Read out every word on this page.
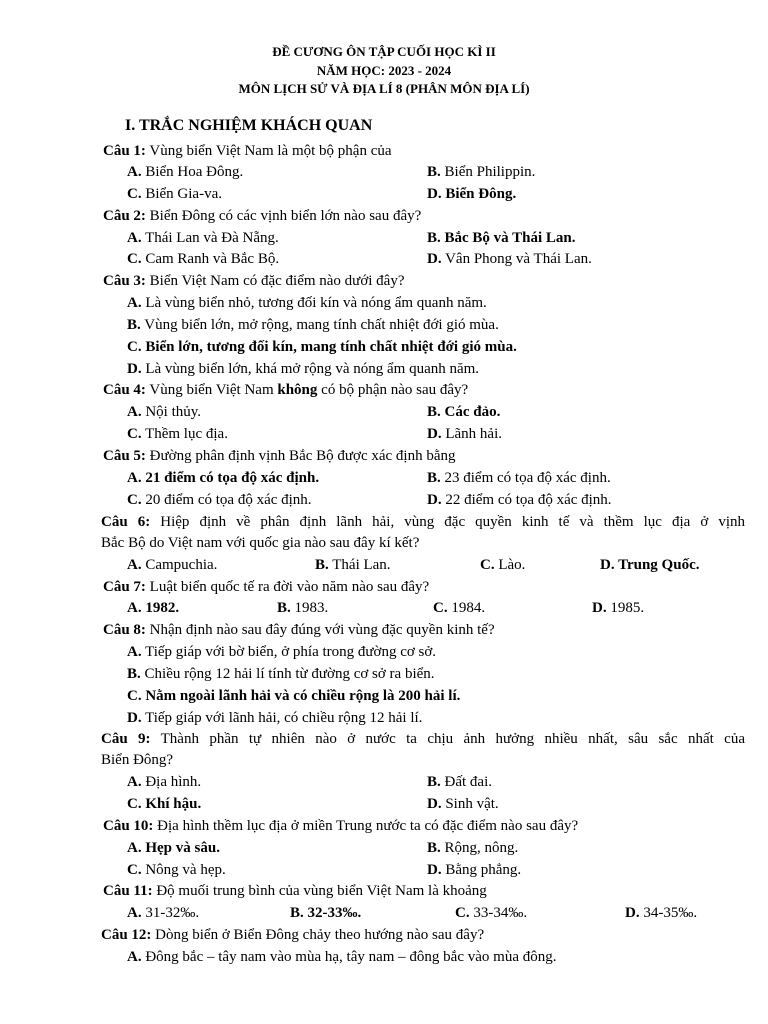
ĐỀ CƯƠNG ÔN TẬP CUỐI HỌC KÌ II
NĂM HỌC: 2023 - 2024
MÔN LỊCH SỬ VÀ ĐỊA LÍ 8 (PHÂN MÔN ĐỊA LÍ)
I. TRẮC NGHIỆM KHÁCH QUAN
Câu 1: Vùng biển Việt Nam là một bộ phận của
A. Biển Hoa Đông.	B. Biển Philippin.
C. Biển Gia-va.	D. Biển Đông.
Câu 2: Biển Đông có các vịnh biển lớn nào sau đây?
A. Thái Lan và Đà Nẵng.	B. Bắc Bộ và Thái Lan.
C. Cam Ranh và Bắc Bộ.	D. Vân Phong và Thái Lan.
Câu 3: Biển Việt Nam có đặc điểm nào dưới đây?
A. Là vùng biển nhỏ, tương đối kín và nóng ẩm quanh năm.
B. Vùng biển lớn, mở rộng, mang tính chất nhiệt đới gió mùa.
C. Biển lớn, tương đối kín, mang tính chất nhiệt đới gió mùa.
D. Là vùng biển lớn, khá mở rộng và nóng ẩm quanh năm.
Câu 4: Vùng biển Việt Nam không có bộ phận nào sau đây?
A. Nội thủy.	B. Các đảo.
C. Thềm lục địa.	D. Lãnh hải.
Câu 5: Đường phân định vịnh Bắc Bộ được xác định bằng
A. 21 điểm có tọa độ xác định.	B. 23 điểm có tọa độ xác định.
C. 20 điểm có tọa độ xác định.	D. 22 điểm có tọa độ xác định.
Câu 6: Hiệp định về phân định lãnh hải, vùng đặc quyền kinh tế và thềm lục địa ở vịnh
Bắc Bộ do Việt nam với quốc gia nào sau đây kí kết?
A. Campuchia.	B. Thái Lan.	C. Lào.	D. Trung Quốc.
Câu 7: Luật biển quốc tế ra đời vào năm nào sau đây?
A. 1982.	B. 1983.	C. 1984.	D. 1985.
Câu 8: Nhận định nào sau đây đúng với vùng đặc quyền kinh tế?
A. Tiếp giáp với bờ biển, ở phía trong đường cơ sở.
B. Chiều rộng 12 hải lí tính từ đường cơ sở ra biển.
C. Nằm ngoài lãnh hải và có chiều rộng là 200 hải lí.
D. Tiếp giáp với lãnh hải, có chiều rộng 12 hải lí.
Câu 9: Thành phần tự nhiên nào ở nước ta chịu ảnh hưởng nhiều nhất, sâu sắc nhất của
Biển Đông?
A. Địa hình.	B. Đất đai.
C. Khí hậu.	D. Sinh vật.
Câu 10: Địa hình thềm lục địa ở miền Trung nước ta có đặc điểm nào sau đây?
A. Hẹp và sâu.	B. Rộng, nông.
C. Nông và hẹp.	D. Bằng phẳng.
Câu 11: Độ muối trung bình của vùng biển Việt Nam là khoảng
A. 31-32‰.	B. 32-33‰.	C. 33-34‰.	D. 34-35‰.
Câu 12: Dòng biển ở Biển Đông chảy theo hướng nào sau đây?
A. Đông bắc – tây nam vào mùa hạ, tây nam – đông bắc vào mùa đông.
